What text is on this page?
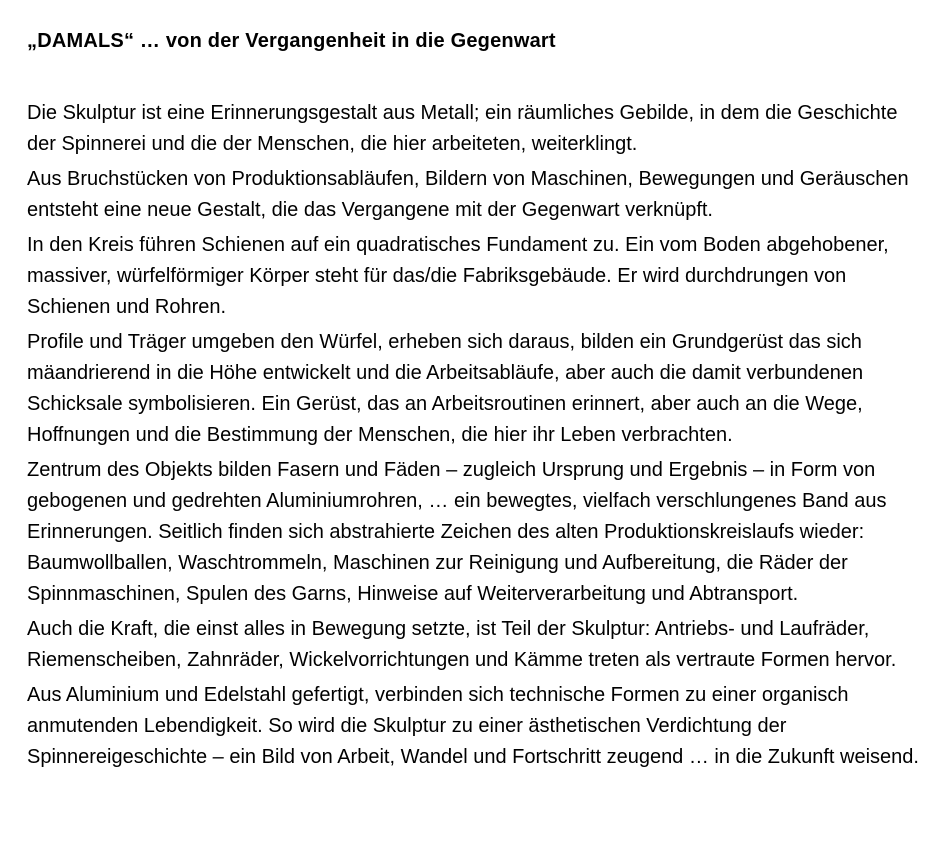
„DAMALS“ … von der Vergangenheit in die Gegenwart

Die Skulptur ist eine Erinnerungsgestalt aus Metall; ein räumliches Gebilde, in dem die Geschichte der Spinnerei und die der Menschen, die hier arbeiteten, weiterklingt.

Aus Bruchstücken von Produktionsabläufen, Bildern von Maschinen, Bewegungen und Geräuschen entsteht eine neue Gestalt, die das Vergangene mit der Gegenwart verknüpft.

In den Kreis führen Schienen auf ein quadratisches Fundament zu. Ein vom Boden abgehobener, massiver, würfelförmiger Körper steht für das/die Fabriksgebäude. Er wird durchdrungen von Schienen und Rohren.

Profile und Träger umgeben den Würfel, erheben sich daraus, bilden ein Grundgerüst das sich mäandrierend in die Höhe entwickelt und die Arbeitsabläufe, aber auch die damit verbundenen Schicksale symbolisieren. Ein Gerüst, das an Arbeitsroutinen erinnert, aber auch an die Wege, Hoffnungen und die Bestimmung der Menschen, die hier ihr Leben verbrachten.

Zentrum des Objekts bilden Fasern und Fäden – zugleich Ursprung und Ergebnis – in Form von gebogenen und gedrehten Aluminiumrohren, … ein bewegtes, vielfach verschlungenes Band aus Erinnerungen. Seitlich finden sich abstrahierte Zeichen des alten Produktionskreislaufs wieder: Baumwollballen, Waschtrommeln, Maschinen zur Reinigung und Aufbereitung, die Räder der Spinnmaschinen, Spulen des Garns, Hinweise auf Weiterverarbeitung und Abtransport.

Auch die Kraft, die einst alles in Bewegung setzte, ist Teil der Skulptur: Antriebs- und Laufräder, Riemenscheiben, Zahnräder, Wickelvorrichtungen und Kämme treten als vertraute Formen hervor.

Aus Aluminium und Edelstahl gefertigt, verbinden sich technische Formen zu einer organisch anmutenden Lebendigkeit. So wird die Skulptur zu einer ästhetischen Verdichtung der Spinnereigeschichte – ein Bild von Arbeit, Wandel und Fortschritt zeugend … in die Zukunft weisend.
